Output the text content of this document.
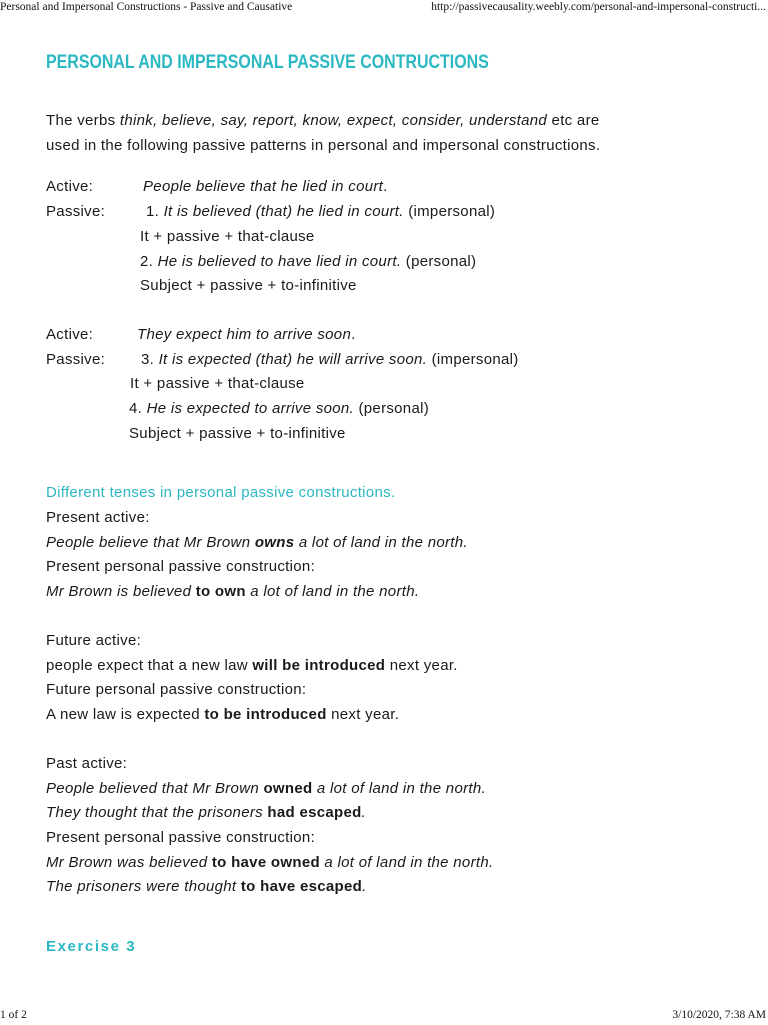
Personal and Impersonal Constructions - Passive and Causative	http://passivecausality.weebly.com/personal-and-impersonal-constructi...
PERSONAL AND IMPERSONAL PASSIVE CONTRUCTIONS
The verbs think, believe, say, report, know, expect, consider, understand etc are
used in the following passive patterns in personal and impersonal constructions.
Active:	People believe that he lied in court.
Passive:	1. It is believed (that) he lied in court. (impersonal)
It + passive + that-clause
2. He is believed to have lied in court. (personal)
Subject + passive + to-infinitive
Active:	They expect him to arrive soon.
Passive: 3. It is expected (that) he will arrive soon. (impersonal)
It + passive + that-clause
4. He is expected to arrive soon. (personal)
Subject + passive + to-infinitive
Different tenses in personal passive constructions.
Present active:
People believe that Mr Brown owns a lot of land in the north.
Present personal passive construction:
Mr Brown is believed to own a lot of land in the north.
Future active:
people expect that a new law will be introduced next year.
Future personal passive construction:
A new law is expected to be introduced next year.
Past active:
People believed that Mr Brown owned a lot of land in the north.
They thought that the prisoners had escaped.
Present personal passive construction:
Mr Brown was believed to have owned a lot of land in the north.
The prisoners were thought to have escaped.
Exercise 3
1 of 2	3/10/2020, 7:38 AM
